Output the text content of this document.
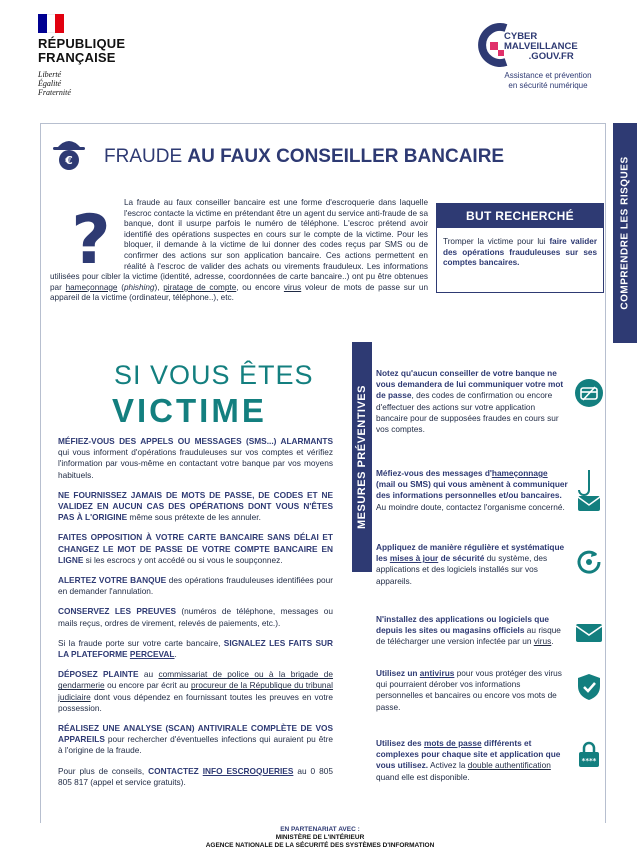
RÉPUBLIQUE
FRANÇAISE
Liberté
Égalité
Fraternité
CYBER
MALVEILLANCE
.GOUV.FR
Assistance et prévention
en sécurité numérique
COMPRENDRE LES RISQUES
€ FRAUDE AU FAUX CONSEILLER BANCAIRE
?	La fraude au faux conseiller bancaire est une forme d'escroquerie dans laquelle l'escroc contacte la victime en prétendant être un agent du service anti-fraude de sa banque, dont il usurpe parfois le numéro de téléphone. L'escroc prétend avoir identifié des opérations suspectes en cours sur le compte de la victime. Pour les bloquer, il demande à la victime de lui donner des codes reçus par SMS ou de confirmer des actions sur son application bancaire. Ces actions permettent en réalité à l'escroc de valider des achats ou virements frauduleux. Les informations utilisées pour cibler la victime (identité, adresse, coordonnées de carte bancaire..) ont pu être obtenues par hameçonnage (phishing), piratage de compte, ou encore virus voleur de mots de passe sur un appareil de la victime (ordinateur, téléphone..), etc.
BUT RECHERCHÉ
Tromper la victime pour lui faire valider des opérations frauduleuses sur ses comptes bancaires.
SI VOUS ÊTES
VICTIME

MÉFIEZ-VOUS DES APPELS OU MESSAGES (SMS...) ALARMANTS qui vous informent d'opérations frauduleuses sur vos comptes et vérifiez l'information par vous-même en contactant votre banque par vos moyens habituels.

NE FOURNISSEZ JAMAIS DE MOTS DE PASSE, DE CODES ET NE VALIDEZ EN AUCUN CAS DES OPÉRATIONS DONT VOUS N'ÊTES PAS À L'ORIGINE même sous prétexte de les annuler.

FAITES OPPOSITION À VOTRE CARTE BANCAIRE SANS DÉLAI ET CHANGEZ LE MOT DE PASSE DE VOTRE COMPTE BANCAIRE EN LIGNE si les escrocs y ont accédé ou si vous le soupçonnez.

ALERTEZ VOTRE BANQUE des opérations frauduleuses identifiées pour en demander l'annulation.

CONSERVEZ LES PREUVES (numéros de téléphone, messages ou mails reçus, ordres de virement, relevés de paiements, etc.).

Si la fraude porte sur votre carte bancaire, SIGNALEZ LES FAITS SUR LA PLATEFORME PERCEVAL.

DÉPOSEZ PLAINTE au commissariat de police ou à la brigade de gendarmerie ou encore par écrit au procureur de la République du tribunal judiciaire dont vous dépendez en fournissant toutes les preuves en votre possession.

RÉALISEZ UNE ANALYSE (SCAN) ANTIVIRALE COMPLÈTE DE VOS APPAREILS pour rechercher d'éventuelles infections qui auraient pu être à l'origine de la fraude.

Pour plus de conseils, CONTACTEZ INFO ESCROQUERIES au 0 805 805 817 (appel et service gratuits).

MESURES PRÉVENTIVES
Notez qu'aucun conseiller de votre banque ne vous demandera de lui communiquer votre mot de passe, des codes de confirmation ou encore d'effectuer des actions sur votre application bancaire pour de supposées fraudes en cours sur vos comptes.
Méfiez-vous des messages d'hameçonnage (mail ou SMS) qui vous amènent à communiquer des informations personnelles et/ou bancaires. Au moindre doute, contactez l'organisme concerné.
Appliquez de manière régulière et systématique les mises à jour de sécurité du système, des applications et des logiciels installés sur vos appareils.
N'installez des applications ou logiciels que depuis les sites ou magasins officiels au risque de télécharger une version infectée par un virus.
Utilisez un antivirus pour vous protéger des virus qui pourraient dérober vos informations personnelles et bancaires ou encore vos mots de passe.
Utilisez des mots de passe différents et complexes pour chaque site et application que vous utilisez. Activez la double authentification quand elle est disponible.
****
EN PARTENARIAT AVEC :
MINISTÈRE DE L'INTÉRIEUR
AGENCE NATIONALE DE LA SÉCURITÉ DES SYSTÈMES D'INFORMATION
